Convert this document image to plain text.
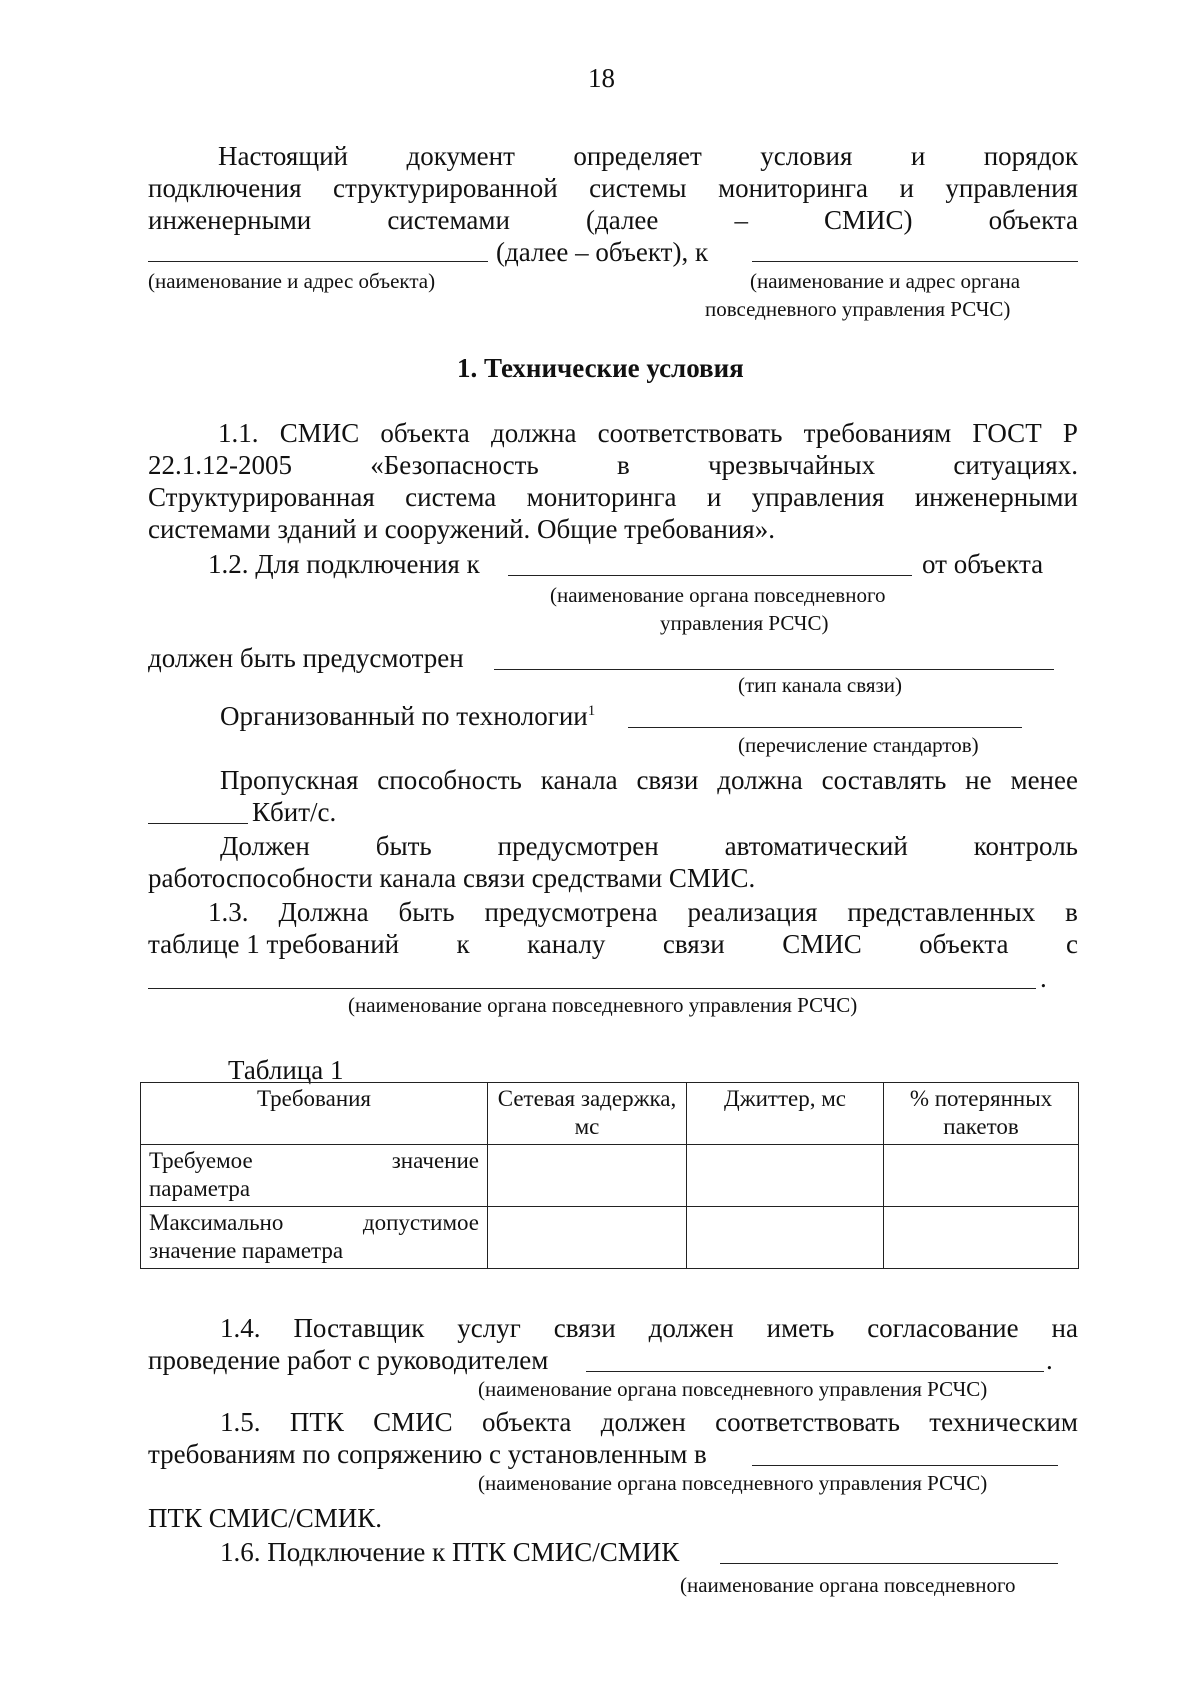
18
Настоящий документ определяет условия и порядок
подключения структурированной системы мониторинга и управления
инженерными	системами	(далее	–	СМИС)	объекта
(далее – объект), к
(наименование и адрес объекта)	(наименование и адрес органа
повседневного управления РСЧС)
1. Технические условия
1.1. СМИС объекта должна соответствовать требованиям ГОСТ Р
22.1.12-2005	«Безопасность	в	чрезвычайных	ситуациях.
Структурированная система мониторинга и управления инженерными
системами зданий и сооружений. Общие требования».
1.2. Для подключения к	от объекта
(наименование органа повседневного
управления РСЧС)
должен быть предусмотрен
(тип канала связи)
Организованный по технологии$^1$
(перечисление стандартов)
Пропускная способность канала связи должна составлять не менее
Кбит/с.
Должен быть предусмотрен автоматический контроль
работоспособности канала связи средствами СМИС.
1.3. Должна быть предусмотрена реализация представленных в
таблице 1 требований к каналу связи СМИС объекта с
.
(наименование органа повседневного управления РСЧС)
Таблица 1
Требования	Сетевая задержка, мс	Джиттер, мс	% потерянных пакетов

Требуемое значение
параметра			

Максимально допустимое
значение параметра			

1.4. Поставщик услуг связи должен иметь согласование на
проведение работ с руководителем	.
(наименование органа повседневного управления РСЧС)
1.5. ПТК СМИС объекта должен соответствовать техническим
требованиям по сопряжению с установленным в
(наименование органа повседневного управления РСЧС)
ПТК СМИС/СМИК.
1.6. Подключение к ПТК СМИС/СМИК
(наименование органа повседневного
